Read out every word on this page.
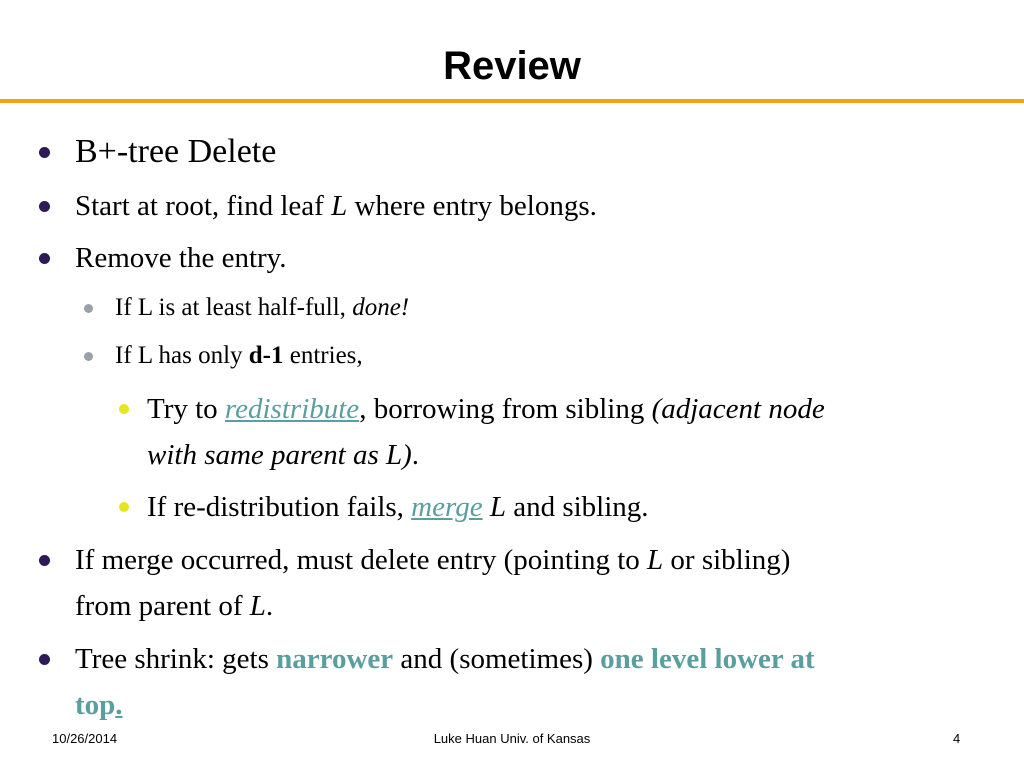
Review
B+-tree Delete
Start at root, find leaf L where entry belongs.
Remove the entry.
If L is at least half-full, done!
If L has only d-1 entries,
Try to redistribute, borrowing from sibling (adjacent node
with same parent as L).
If re-distribution fails, merge L and sibling.
If merge occurred, must delete entry (pointing to L or sibling)
from parent of L.
Tree shrink: gets narrower and (sometimes) one level lower at
top.
10/26/2014	Luke Huan Univ. of Kansas	4
